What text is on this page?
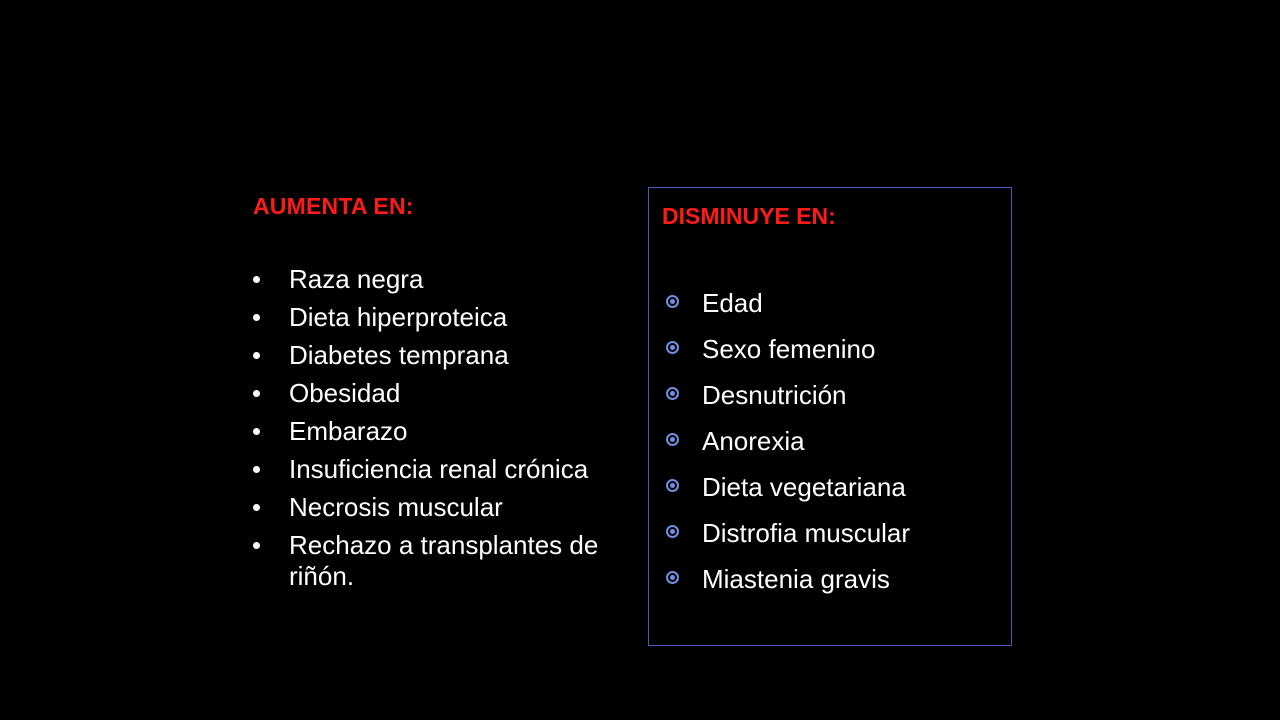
AUMENTA EN:
Raza negra
Dieta hiperproteica
Diabetes temprana
Obesidad
Embarazo
Insuficiencia renal crónica
Necrosis muscular
Rechazo a transplantes de riñón.
DISMINUYE EN:
Edad
Sexo femenino
Desnutrición
Anorexia
Dieta vegetariana
Distrofia muscular
Miastenia gravis
